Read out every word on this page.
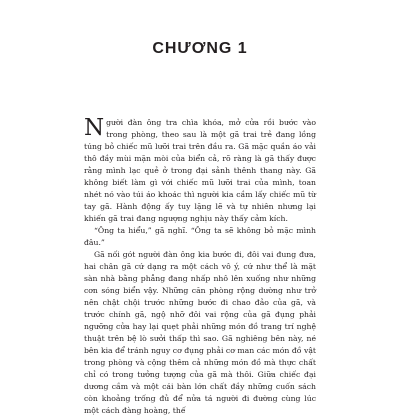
CHƯƠNG 1

Người đàn ông tra chìa khóa, mở cửa rồi bước vào trong phòng, theo sau là một gã trai trẻ đang lồng túng bỏ chiếc mũ lưỡi trai trên đầu ra. Gã mặc quần áo vải thô đầy mùi mặn mòi của biển cả, rõ ràng là gã thấy được rằng mình lạc quẻ ở trong đại sảnh thênh thang này. Gã không biết làm gì với chiếc mũ lưỡi trai của mình, toan nhét nó vào túi áo khoác thì người kia cầm lấy chiếc mũ từ tay gã. Hành động ấy tuy lặng lẽ và tự nhiên nhưng lại khiến gã trai đang ngượng nghịu này thấy cảm kích.

“Ông ta hiểu,” gã nghĩ. “Ông ta sẽ không bỏ mặc mình đâu.”

Gã nối gót người đàn ông kia bước đi, đôi vai đung đưa, hai chân gã cứ dạng ra một cách vô ý, cứ như thể là mặt sàn nhà bằng phẳng đang nhấp nhô lên xuống như những cơn sóng biển vậy. Những căn phòng rộng dường như trở nên chật chội trước những bước đi chao đảo của gã, và trước chính gã, ngộ nhỡ đôi vai rộng của gã đụng phải ngưỡng cửa hay lại quẹt phải những món đồ trang trí nghệ thuật trên bệ lò sưởi thấp thì sao. Gã nghiêng bên này, né bên kia để tránh nguy cơ đụng phải cơ man các món đồ vật trong phòng và cộng thêm cả những món đồ mà thực chất chỉ có trong tưởng tượng của gã mà thôi. Giữa chiếc đại dương cầm và một cái bàn lớn chất đầy những cuốn sách còn khoảng trống đủ để nửa tá người đi đường cùng lúc một cách đàng hoàng, thế
